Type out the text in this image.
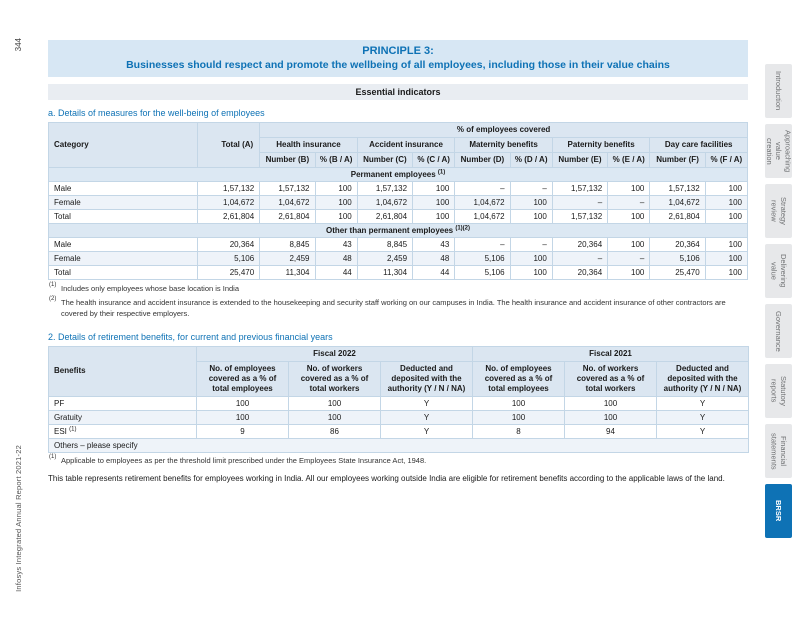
344
Infosys Integrated Annual Report 2021-22
PRINCIPLE 3:
Businesses should respect and promote the wellbeing of all employees, including those in their value chains
Essential indicators
a. Details of measures for the well-being of employees
Category	Total (A)	% of employees covered									
		Health insurance		Accident insurance		Maternity benefits		Paternity benefits		Day care facilities	
		Number (B)	% (B / A)	Number (C)	% (C / A)	Number (D)	% (D / A)	Number (E)	% (E / A)	Number (F)	% (F / A)
Permanent employees $^{(1)}$
Male	1,57,132	1,57,132	100	1,57,132	100	–	–	1,57,132	100	1,57,132	100
Female	1,04,672	1,04,672	100	1,04,672	100	1,04,672	100	–	–	1,04,672	100
Total	2,61,804	2,61,804	100	2,61,804	100	1,04,672	100	1,57,132	100	2,61,804	100
Other than permanent employees $^{(1)(2)}$
Male	20,364	8,845	43	8,845	43	–	–	20,364	100	20,364	100
Female	5,106	2,459	48	2,459	48	5,106	100	–	–	5,106	100
Total	25,470	11,304	44	11,304	44	5,106	100	20,364	100	25,470	100
(1) Includes only employees whose base location is India
(2) The health insurance and accident insurance is extended to the housekeeping and security staff working on our campuses in India. The health insurance and accident insurance of other contractors are covered by their respective employers.
2. Details of retirement benefits, for current and previous financial years
Benefits	Fiscal 2022			Fiscal 2021		
	No. of employees covered as a % of total employees	No. of workers covered as a % of total workers	Deducted and deposited with the authority (Y / N / NA)	No. of employees covered as a % of total employees	No. of workers covered as a % of total workers	Deducted and deposited with the authority (Y / N / NA)
PF	100	100	Y	100	100	Y
Gratuity	100	100	Y	100	100	Y
ESI $^{(1)}$	9	86	Y	8	94	Y
Others – please specify						
(1) Applicable to employees as per the threshold limit prescribed under the Employees State Insurance Act, 1948.
This table represents retirement benefits for employees working in India. All our employees working outside India are eligible for retirement benefits according to the applicable laws of the land.
Introduction
Approaching value creation
Strategy review
Delivering value
Governance
Statutory reports
Financial statements
BRSR
